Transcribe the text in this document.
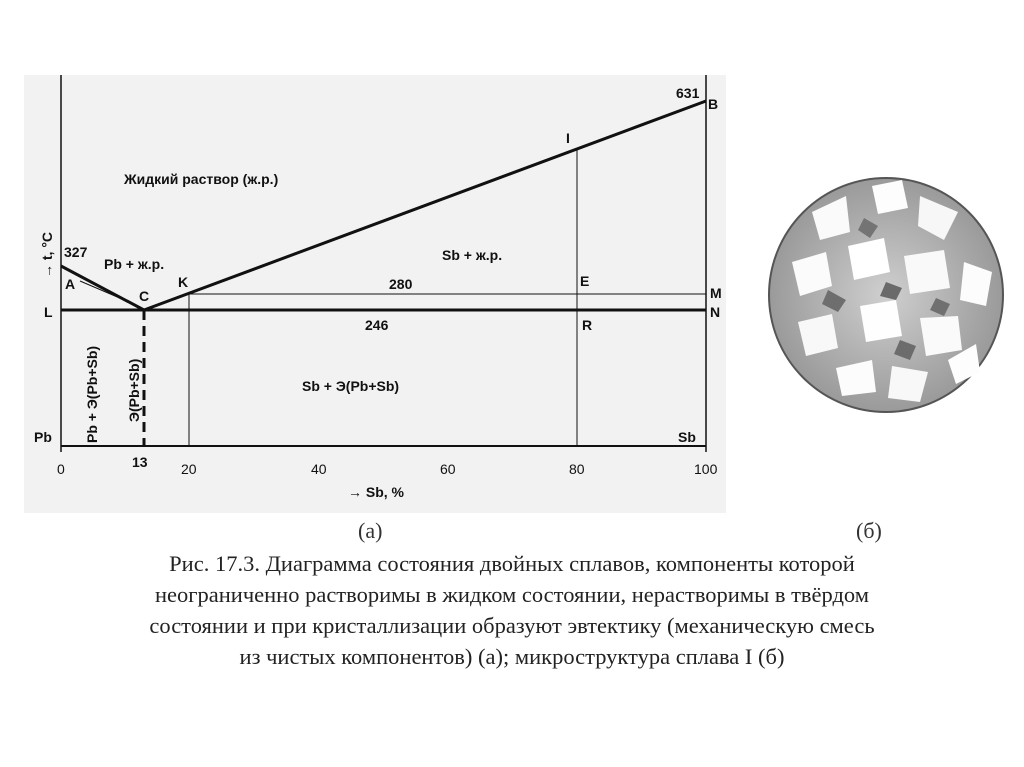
Жидкий раствор (ж.р.)
Pb + ж.р.
Sb + ж.р.
Sb + Э(Pb+Sb)
Pb + Э(Pb+Sb) Э(Pb+Sb)
→ t, °C
A
C
K
L
B
M
N
E
R
I
327
631
280
246
13
Pb	Sb
0	20	40	60	80	100
→ Sb, %
(а)	(б)
Рис. 17.3. Диаграмма состояния двойных сплавов, компоненты которой
неограниченно растворимы в жидком состоянии, нерастворимы в твёрдом
состоянии и при кристаллизации образуют эвтектику (механическую смесь
из чистых компонентов) (а); микроструктура сплава I (б)
